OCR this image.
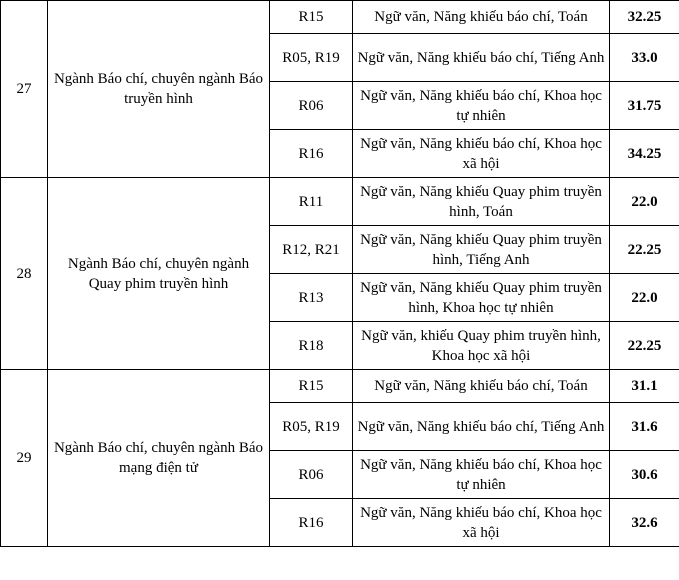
27	Ngành Báo chí, chuyên ngành Báo truyền hình	R15	Ngữ văn, Năng khiếu báo chí, Toán	32.25
		R05, R19	Ngữ văn, Năng khiếu báo chí, Tiếng Anh	33.0
		R06	Ngữ văn, Năng khiếu báo chí, Khoa học tự nhiên	31.75
		R16	Ngữ văn, Năng khiếu báo chí, Khoa học xã hội	34.25
28	Ngành Báo chí, chuyên ngành Quay phim truyền hình	R11	Ngữ văn, Năng khiếu Quay phim truyền hình, Toán	22.0
		R12, R21	Ngữ văn, Năng khiếu Quay phim truyền hình, Tiếng Anh	22.25
		R13	Ngữ văn, Năng khiếu Quay phim truyền hình, Khoa học tự nhiên	22.0
		R18	Ngữ văn, khiếu Quay phim truyền hình, Khoa học xã hội	22.25
29	Ngành Báo chí, chuyên ngành Báo mạng điện tử	R15	Ngữ văn, Năng khiếu báo chí, Toán	31.1
		R05, R19	Ngữ văn, Năng khiếu báo chí, Tiếng Anh	31.6
		R06	Ngữ văn, Năng khiếu báo chí, Khoa học tự nhiên	30.6
		R16	Ngữ văn, Năng khiếu báo chí, Khoa học xã hội	32.6
